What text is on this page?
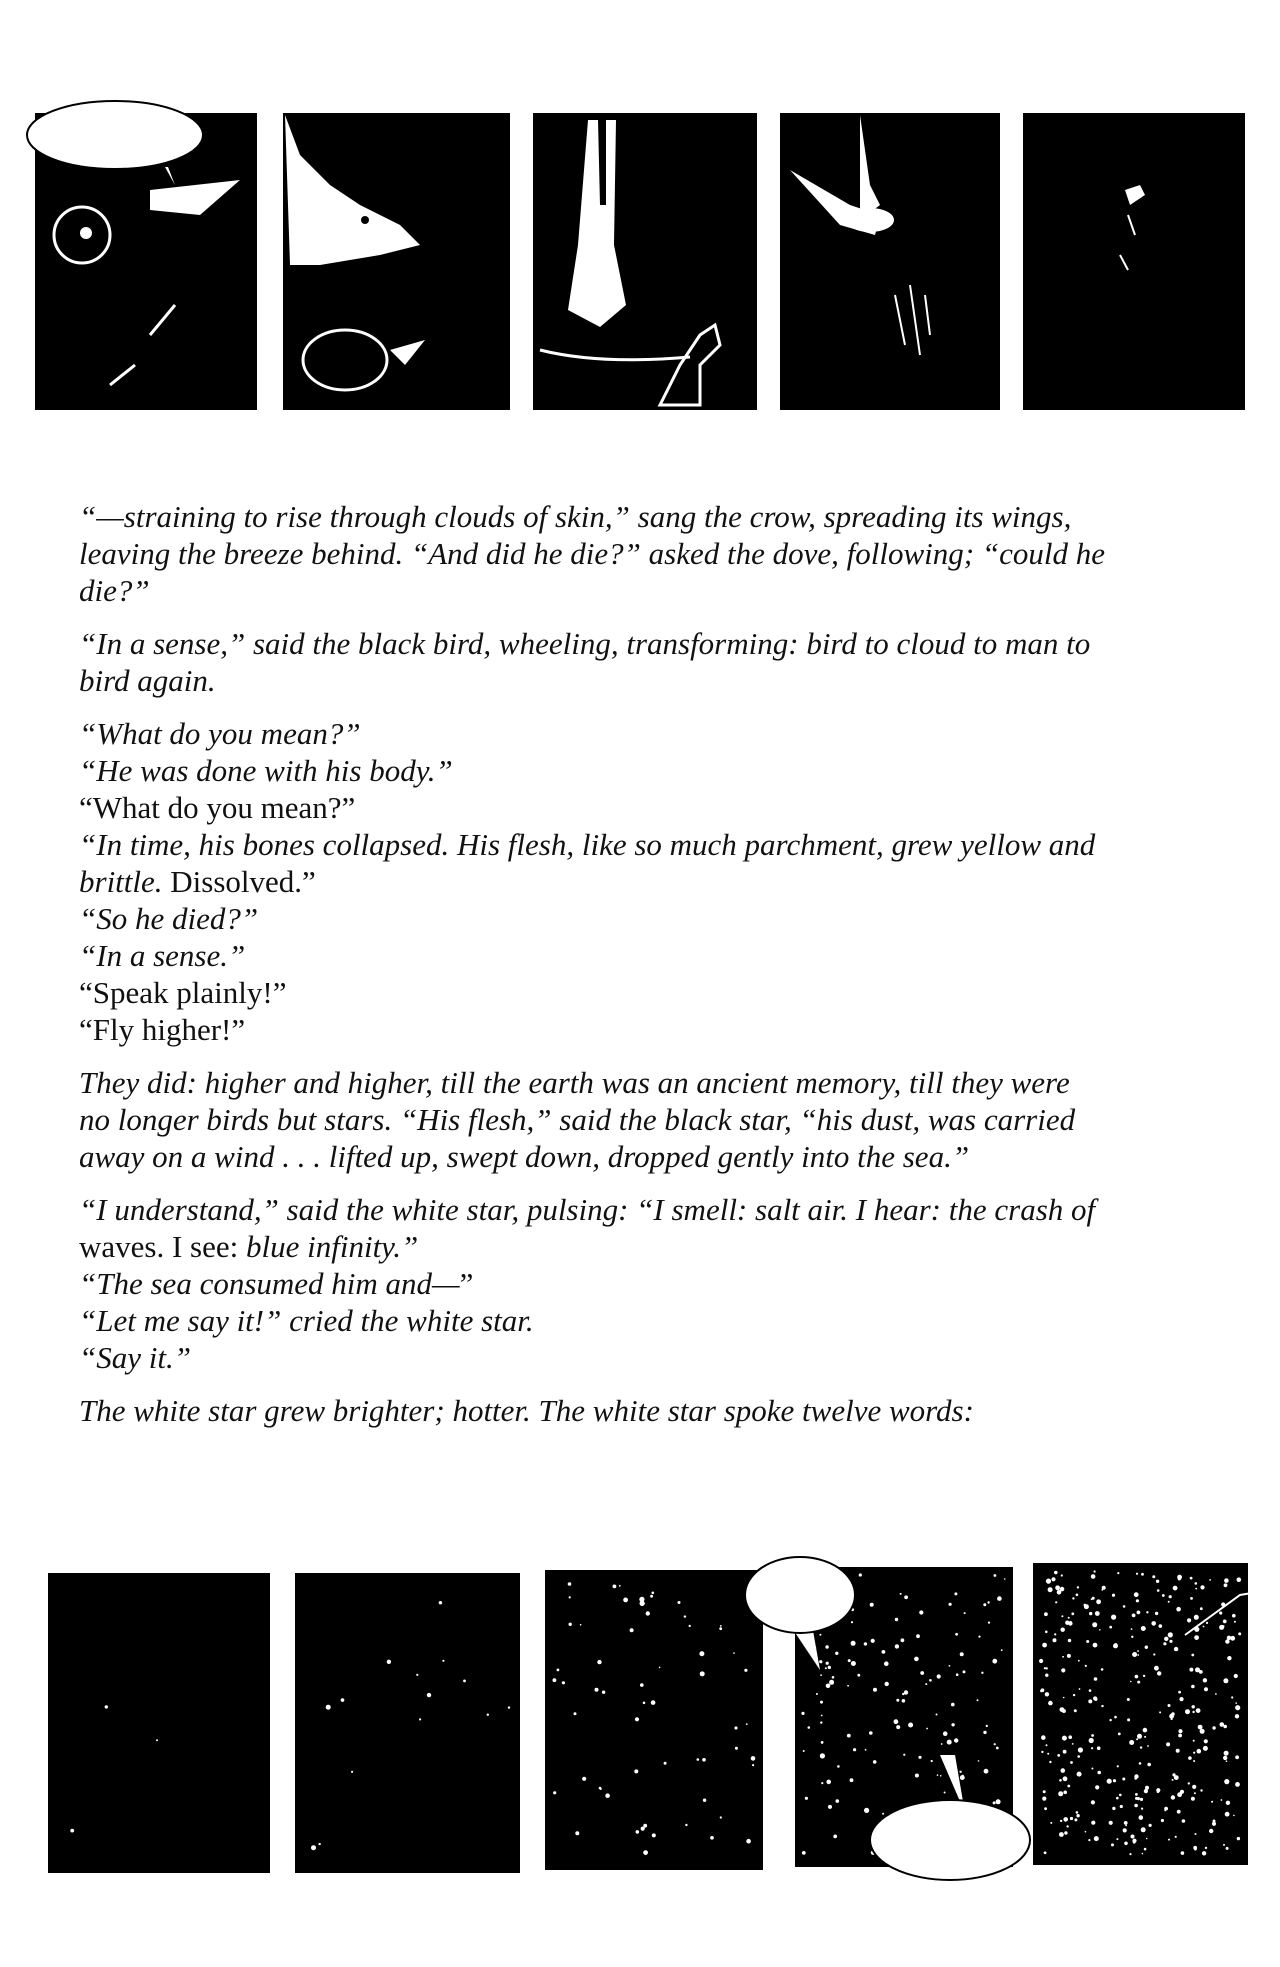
“—straining to rise through clouds of skin,” sang the crow, spreading its wings,
leaving the breeze behind. “And did he die?” asked the dove, following; “could he
die?”

“In a sense,” said the black bird, wheeling, transforming: bird to cloud to man to
bird again.

“What do you mean?”
“He was done with his body.”
“What do you mean?”
“In time, his bones collapsed. His flesh, like so much parchment, grew yellow and
brittle. Dissolved.”
“So he died?”
“In a sense.”
“Speak plainly!”
“Fly higher!”

They did: higher and higher, till the earth was an ancient memory, till they were
no longer birds but stars. “His flesh,” said the black star, “his dust, was carried
away on a wind . . . lifted up, swept down, dropped gently into the sea.”

“I understand,” said the white star, pulsing: “I smell: salt air. I hear: the crash of
waves. I see: blue infinity.”
“The sea consumed him and—”
“Let me say it!” cried the white star.
“Say it.”

The white star grew brighter; hotter. The white star spoke twelve words:
